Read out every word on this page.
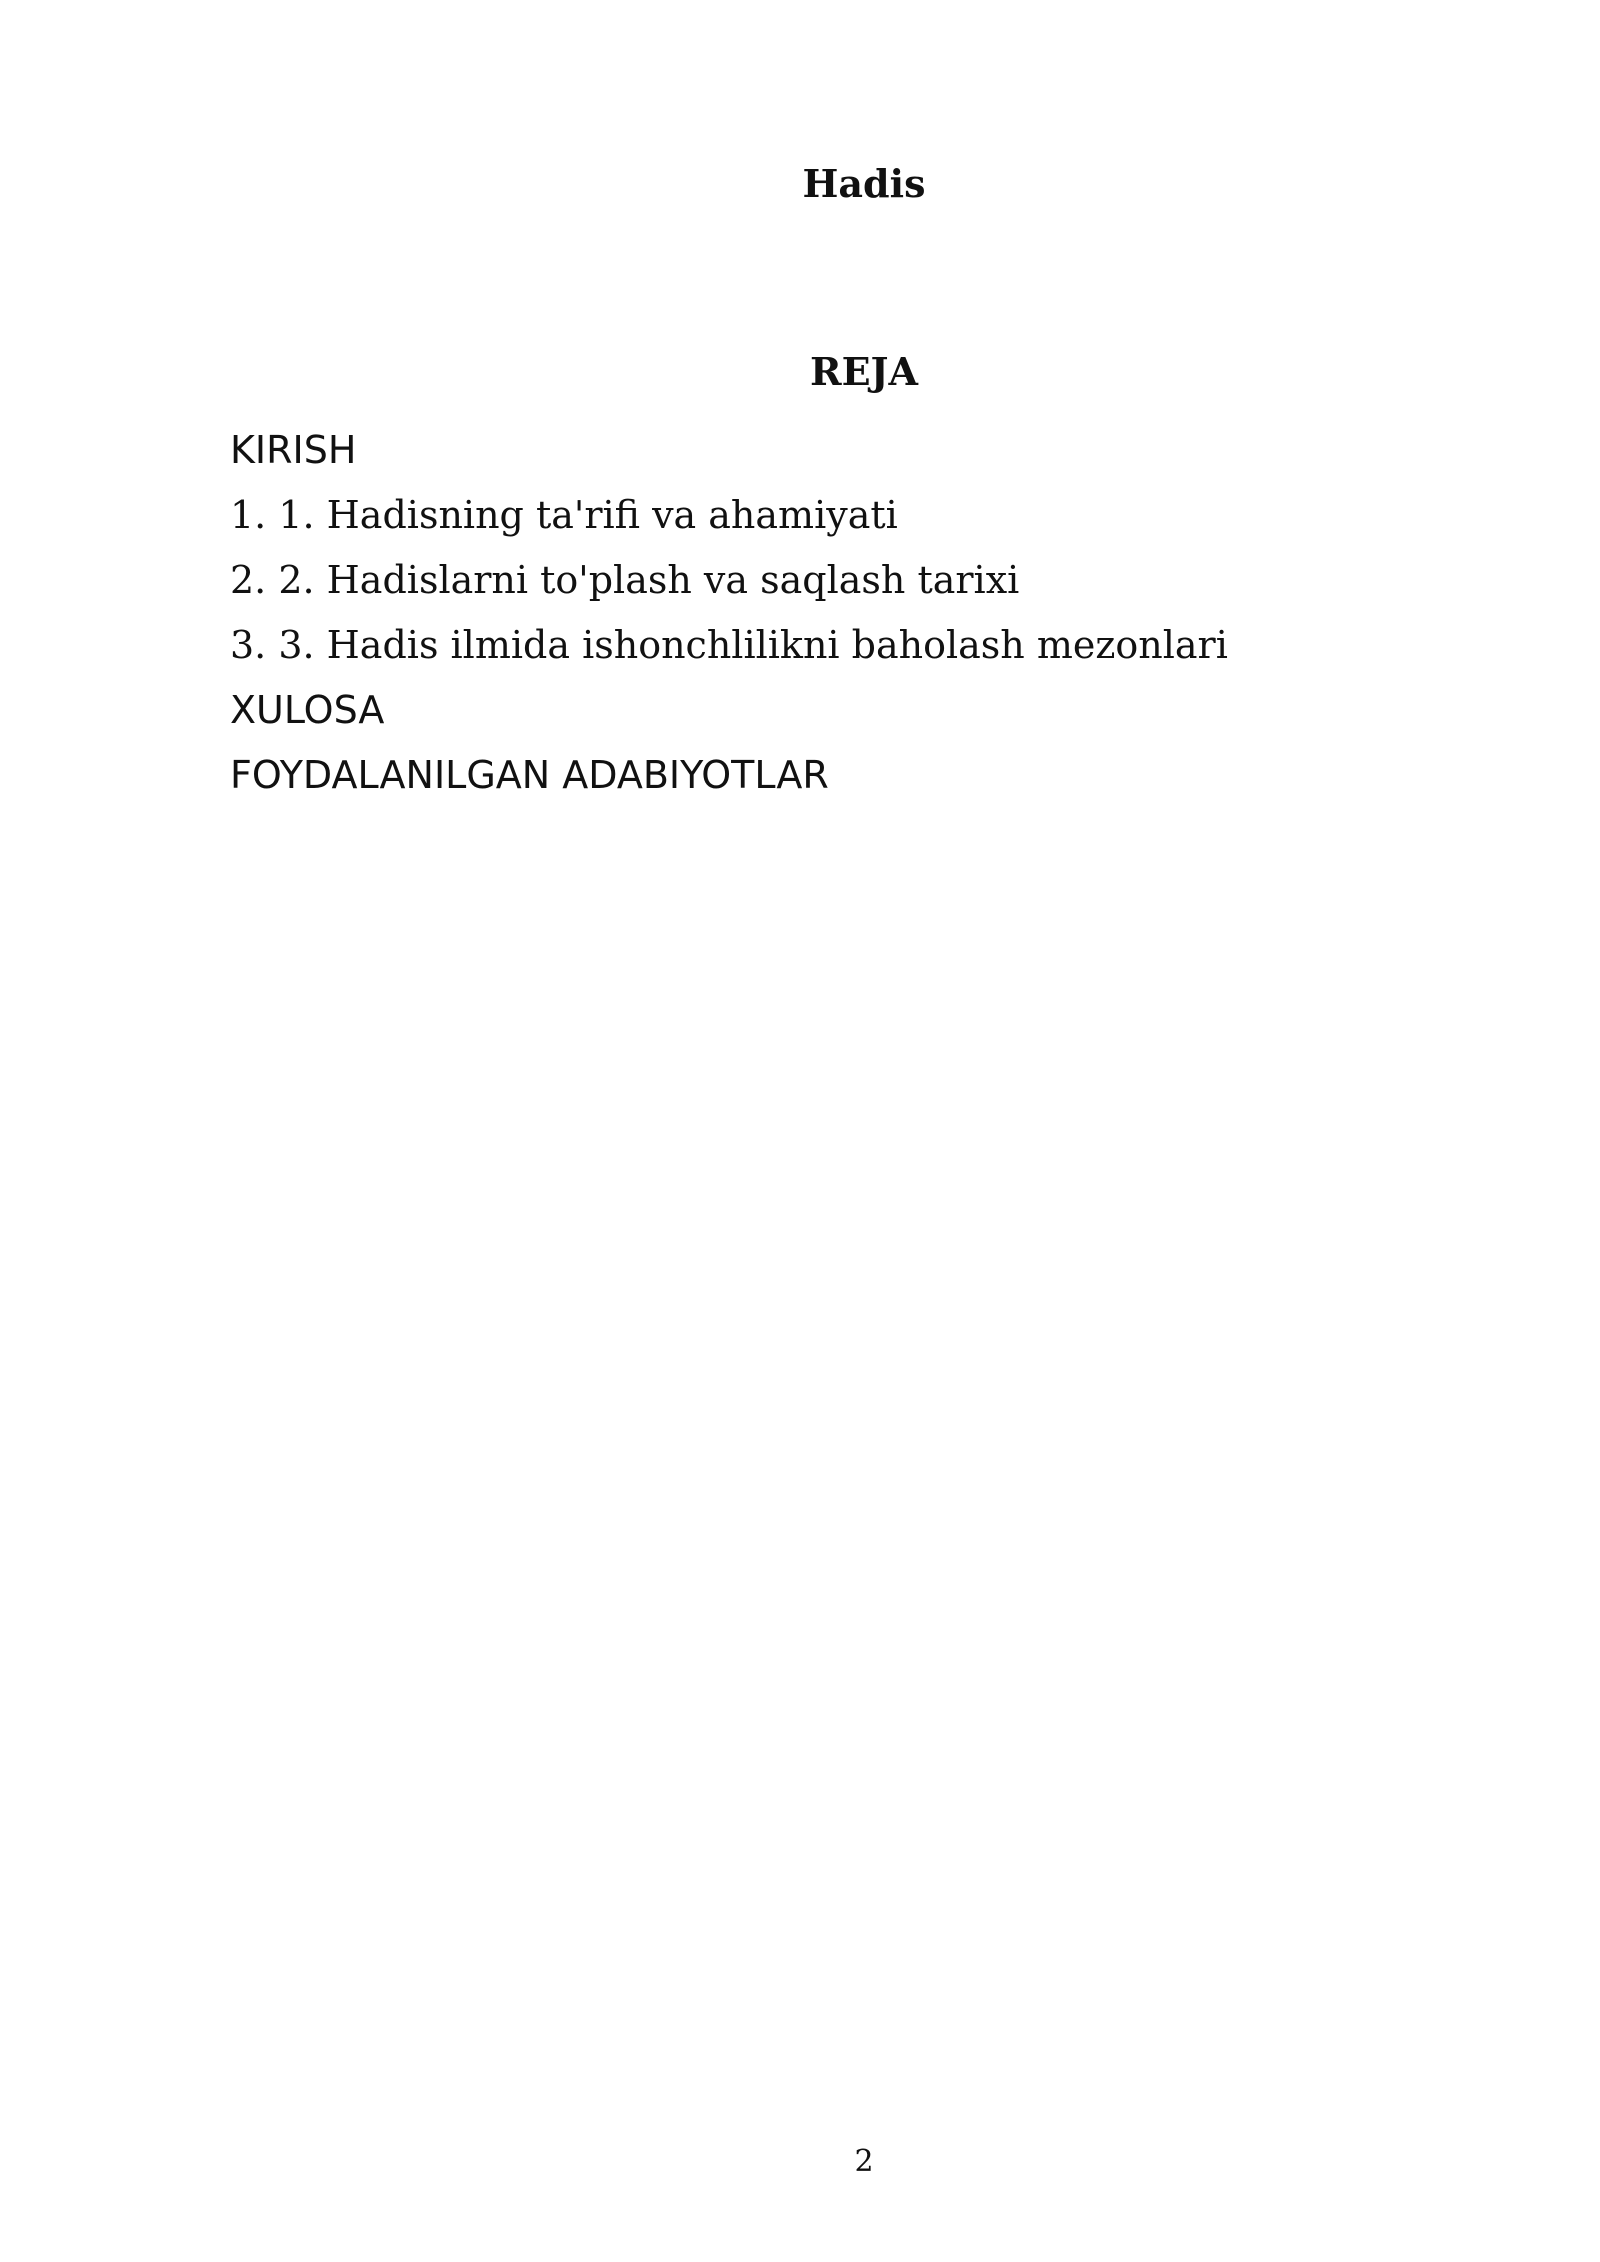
Hadis
REJA
KIRISH
1. 1. Hadisning ta'rifi va ahamiyati
2. 2. Hadislarni to'plash va saqlash tarixi
3. 3. Hadis ilmida ishonchlilikni baholash mezonlari
XULOSA
FOYDALANILGAN ADABIYOTLAR
2
